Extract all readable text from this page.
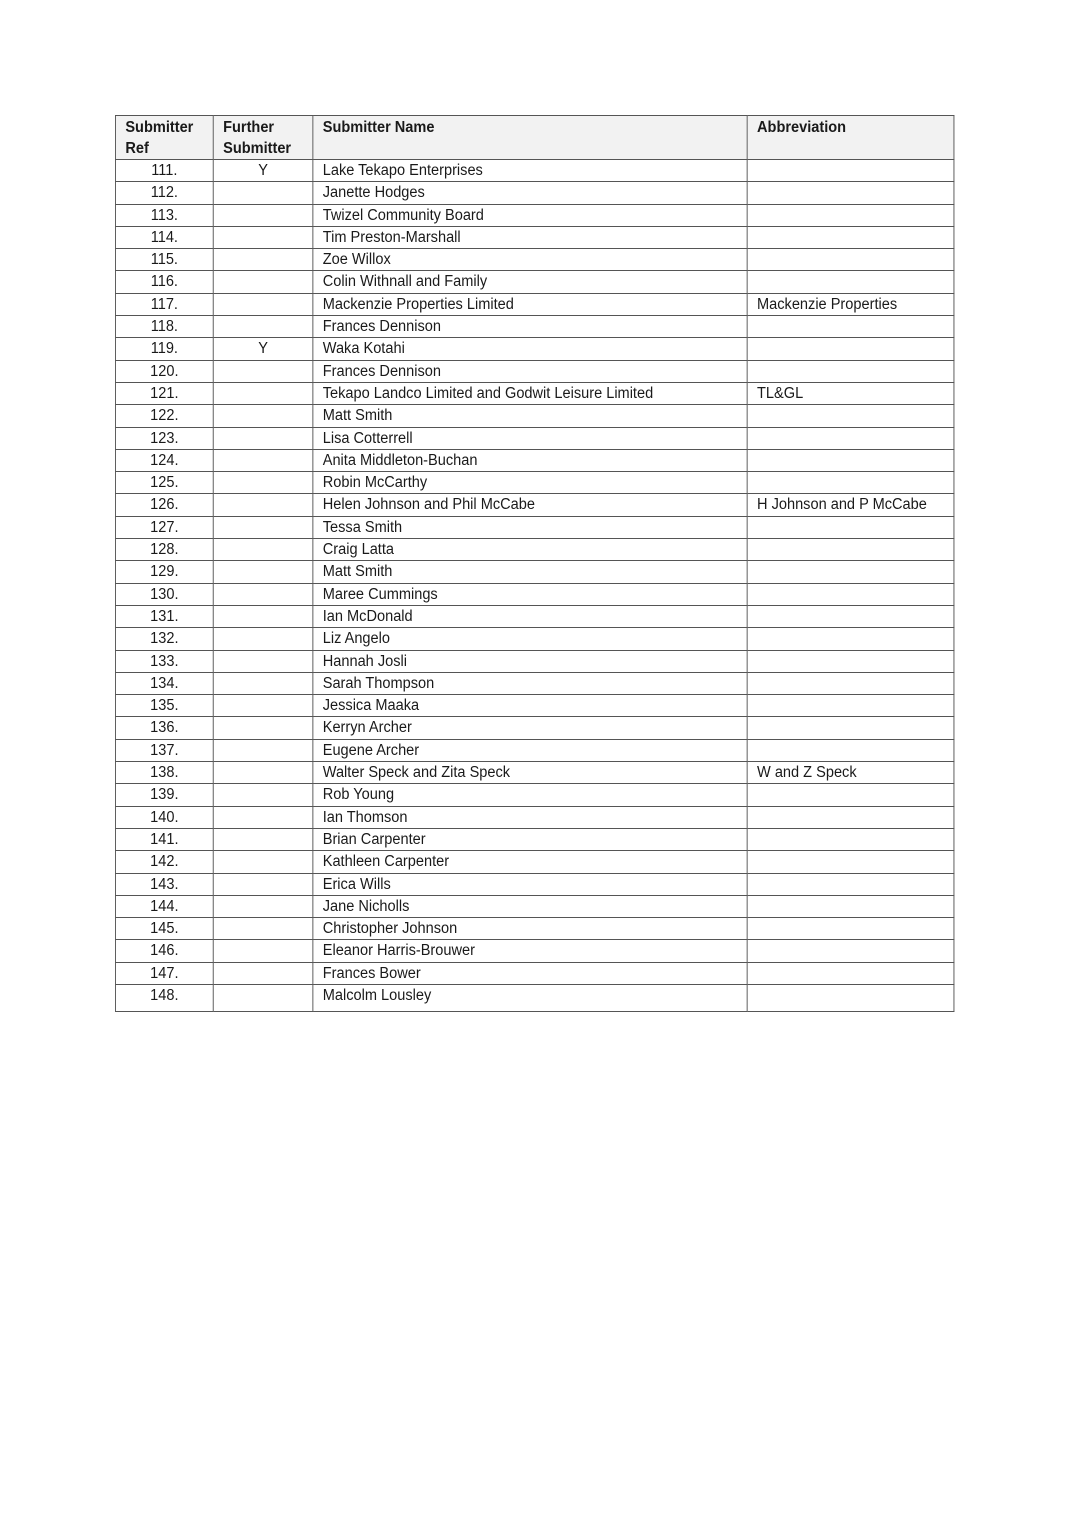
Submitter Ref	Further Submitter	Submitter Name	Abbreviation
111.	Y	Lake Tekapo Enterprises	
112.		Janette Hodges	
113.		Twizel Community Board	
114.		Tim Preston-Marshall	
115.		Zoe Willox	
116.		Colin Withnall and Family	
117.		Mackenzie Properties Limited	Mackenzie Properties
118.		Frances Dennison	
119.	Y	Waka Kotahi	
120.		Frances Dennison	
121.		Tekapo Landco Limited and Godwit Leisure Limited	TL&GL
122.		Matt Smith	
123.		Lisa Cotterrell	
124.		Anita Middleton-Buchan	
125.		Robin McCarthy	
126.		Helen Johnson and Phil McCabe	H Johnson and P McCabe
127.		Tessa Smith	
128.		Craig Latta	
129.		Matt Smith	
130.		Maree Cummings	
131.		Ian McDonald	
132.		Liz Angelo	
133.		Hannah Josli	
134.		Sarah Thompson	
135.		Jessica Maaka	
136.		Kerryn Archer	
137.		Eugene Archer	
138.		Walter Speck and Zita Speck	W and Z Speck
139.		Rob Young	
140.		Ian Thomson	
141.		Brian Carpenter	
142.		Kathleen Carpenter	
143.		Erica Wills	
144.		Jane Nicholls	
145.		Christopher Johnson	
146.		Eleanor Harris-Brouwer	
147.		Frances Bower	
148.		Malcolm Lousley	
